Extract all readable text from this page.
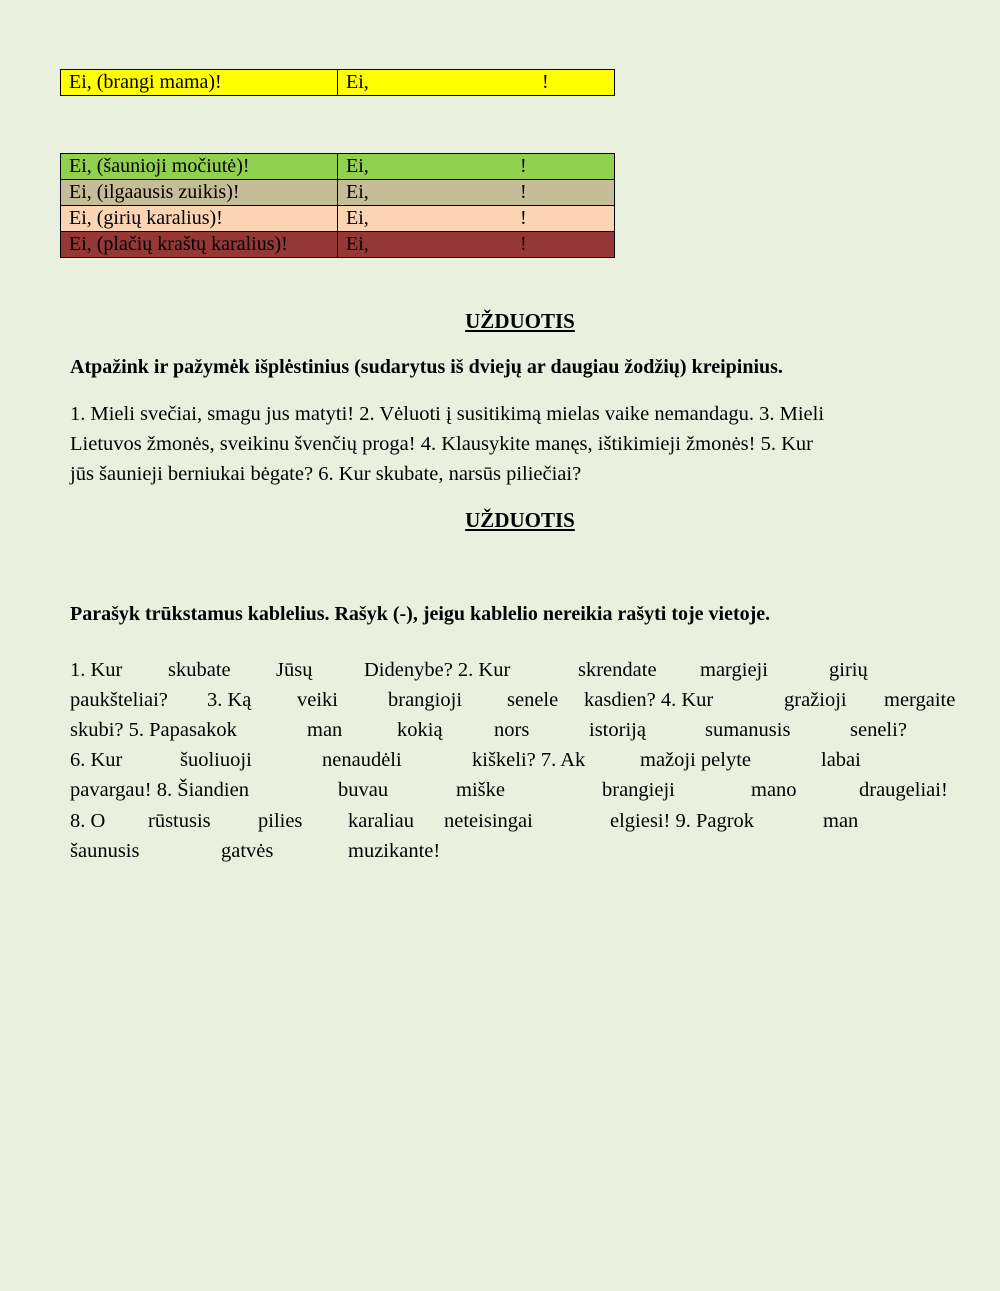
Ei, (brangi mama)!	Ei,	!
Ei, (šaunioji močiutė)!	Ei, !

Ei, (ilgaausis zuikis)!	Ei, !

Ei, (girių karalius)!	Ei, !

Ei, (plačių kraštų karalius)!	Ei, !
UŽDUOTIS
Atpažink ir pažymėk išplėstinius (sudarytus iš dviejų ar daugiau žodžių) kreipinius.
1. Mieli svečiai, smagu jus matyti! 2. Vėluoti į susitikimą mielas vaike nemandagu. 3. Mieli
Lietuvos žmonės, sveikinu švenčių proga! 4. Klausykite manęs, ištikimieji žmonės! 5. Kur
jūs šaunieji berniukai bėgate? 6. Kur skubate, narsūs piliečiai?
UŽDUOTIS
Parašyk trūkstamus kablelius. Rašyk (-), jeigu kablelio nereikia rašyti toje vietoje.
1. Kur skubate Jūsų	Didenybe? 2. Kur	skrendate margieji	girių
paukšteliai? 3. Ką veiki brangioji senele kasdien? 4. Kur	gražioji mergaite
skubi? 5. Papasakok	man	kokią	nors	istoriją	sumanusis	seneli?
6. Kur	šuoliuoji	nenaudėli	kiškeli? 7. Ak	mažoji pelyte	labai
pavargau! 8. Šiandien	buvau	miške	brangieji	mano	draugeliai!
8. O rūstusis pilies karaliau neteisingai	elgiesi! 9. Pagrok	man
šaunusis	gatvės	muzikante!
